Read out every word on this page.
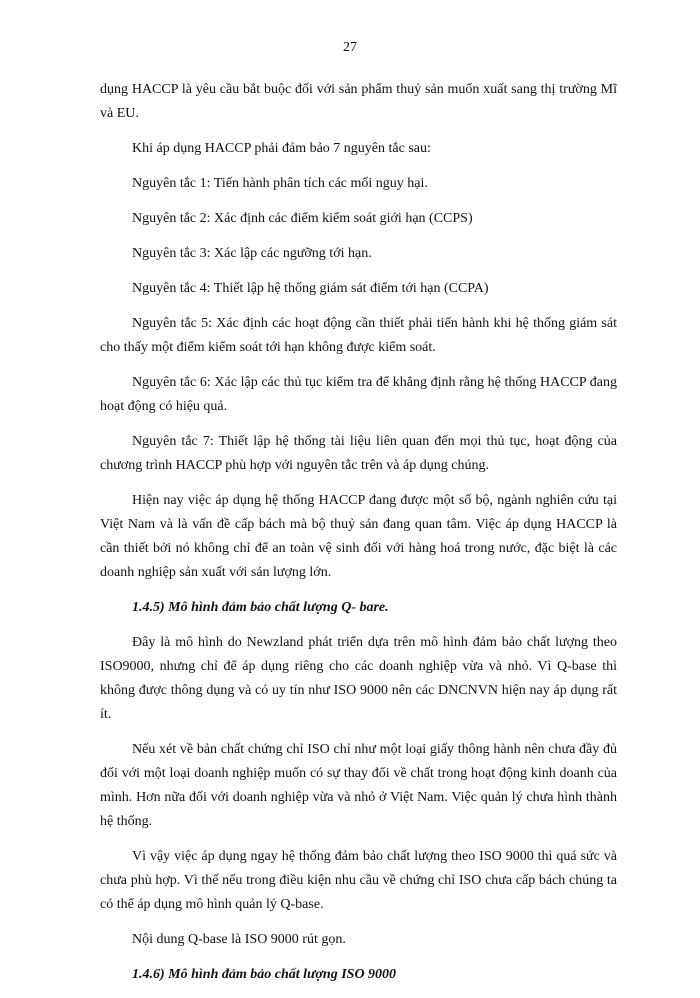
27

dụng HACCP là yêu cầu bắt buộc đối với sản phẩm thuỷ sản muốn xuất sang thị trường Mĩ và EU.

Khi áp dụng HACCP phải đảm bảo 7 nguyên tắc sau:

Nguyên tắc 1: Tiến hành phân tích các mối nguy hại.

Nguyên tắc 2: Xác định các điểm kiểm soát giới hạn (CCPS)

Nguyên tắc 3: Xác lập các ngưỡng tới hạn.

Nguyên tắc 4: Thiết lập hệ thống giám sát điểm tới hạn (CCPA)

Nguyên tắc 5: Xác định các hoạt động cần thiết phải tiến hành khi hệ thống giám sát cho thấy một điểm kiểm soát tới hạn không được kiểm soát.

Nguyên tắc 6: Xác lập các thủ tục kiểm tra để khẳng định rằng hệ thống HACCP đang hoạt động có hiệu quả.

Nguyên tắc 7: Thiết lập hệ thống tài liệu liên quan đến mọi thủ tục, hoạt động của chương trình HACCP phù hợp với nguyên tắc trên và áp dụng chúng.

Hiện nay việc áp dụng hệ thống HACCP đang được một số bộ, ngành nghiên cứu tại Việt Nam và là vấn đề cấp bách mà bộ thuỷ sản đang quan tâm. Việc áp dụng HACCP là cần thiết bởi nó không chỉ để an toàn vệ sinh đối với hàng hoá trong nước, đặc biệt là các doanh nghiệp sản xuất với sản lượng lớn.

1.4.5) Mô hình đảm bảo chất lượng Q- bare.

Đây là mô hình do Newzland phát triển dựa trên mô hình đảm bảo chất lượng theo ISO9000, nhưng chỉ để áp dụng riêng cho các doanh nghiệp vừa và nhỏ. Vì Q-base thì không được thông dụng và có uy tín như ISO 9000 nên các DNCNVN hiện nay áp dụng rất ít.

Nếu xét về bản chất chứng chỉ ISO chỉ như một loại giấy thông hành nên chưa đầy đủ đối với một loại doanh nghiệp muốn có sự thay đổi về chất trong hoạt động kinh doanh của mình. Hơn nữa đối với doanh nghiệp vừa và nhỏ ở Việt Nam. Việc quản lý chưa hình thành hệ thống.

Vì vậy việc áp dụng ngay hệ thống đảm bảo chất lượng theo ISO 9000 thì quá sức và chưa phù hợp. Vì thế nếu trong điều kiện nhu cầu về chứng chỉ ISO chưa cấp bách chúng ta có thể áp dụng mô hình quản lý Q-base.

Nội dung Q-base là ISO 9000 rút gọn.

1.4.6) Mô hình đảm bảo chất lượng ISO 9000
